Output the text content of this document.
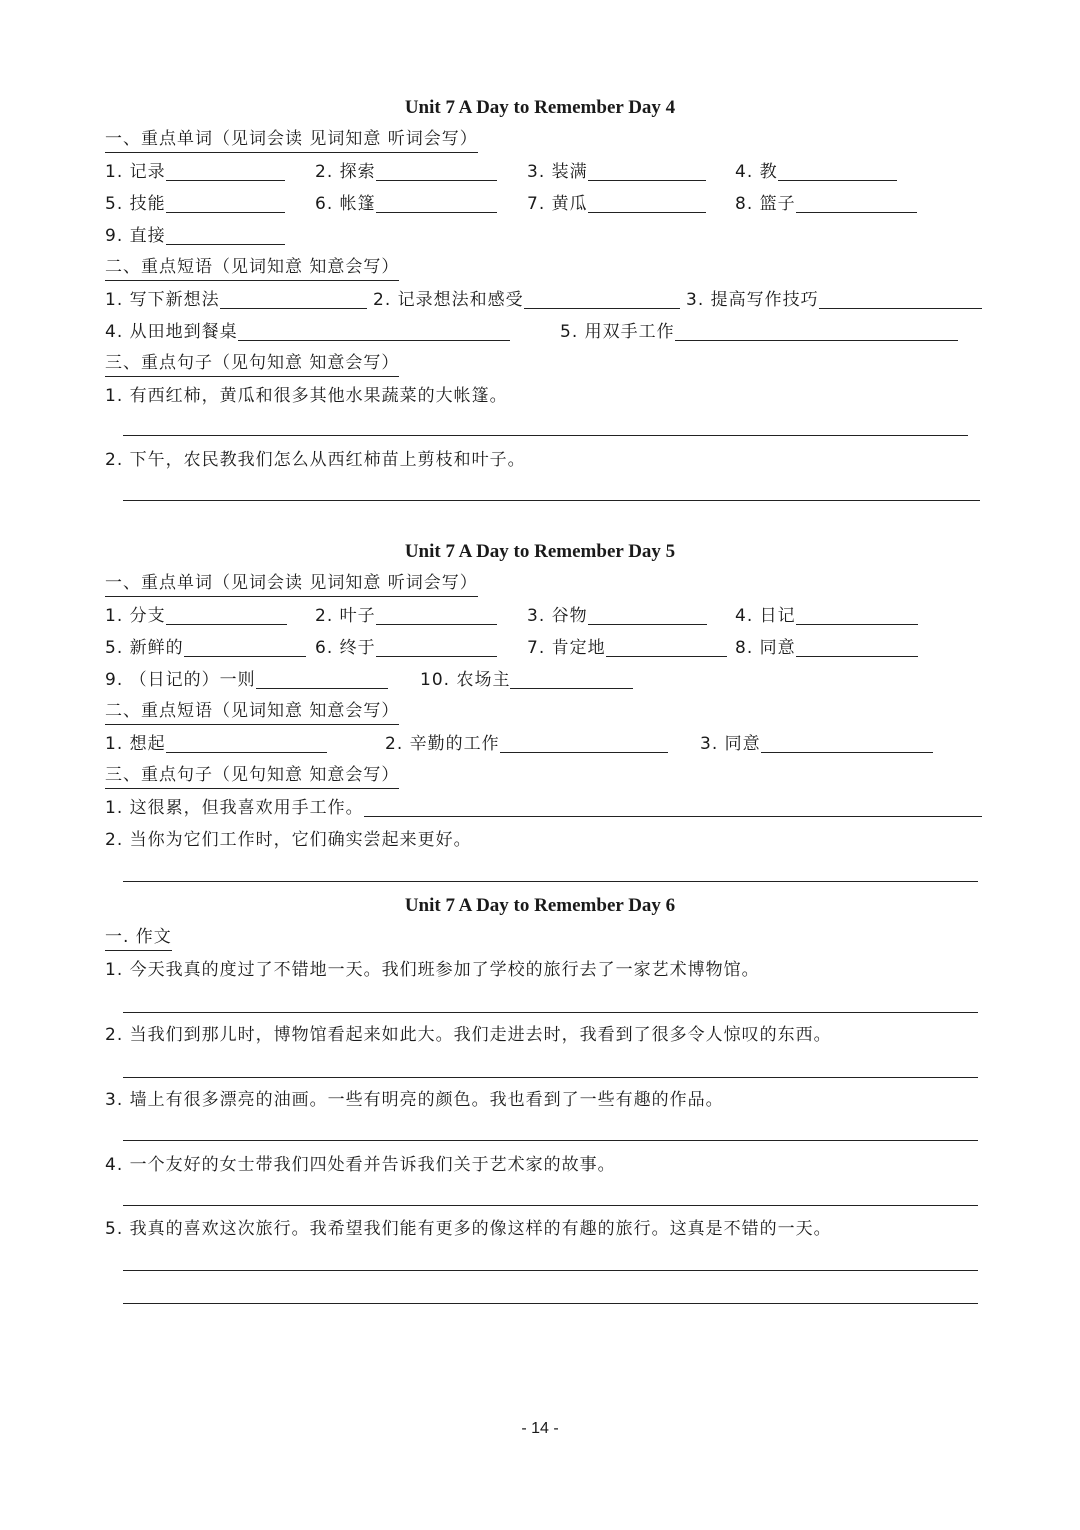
Unit 7 A Day to Remember Day 4
一、重点单词（见词会读 见词知意 听词会写）
1. 记录	2. 探索	3. 装满	4. 教
5. 技能	6. 帐篷	7. 黄瓜	8. 篮子
9. 直接
二、重点短语（见词知意 知意会写）
1. 写下新想法	2. 记录想法和感受	3. 提高写作技巧
4. 从田地到餐桌	5. 用双手工作
三、重点句子（见句知意 知意会写）
1. 有西红柿，黄瓜和很多其他水果蔬菜的大帐篷。
2. 下午，农民教我们怎么从西红柿苗上剪枝和叶子。
Unit 7 A Day to Remember Day 5
一、重点单词（见词会读 见词知意 听词会写）
1. 分支	2. 叶子	3. 谷物	4. 日记
5. 新鲜的	6. 终于	7. 肯定地	8. 同意
9. （日记的）一则	10. 农场主
二、重点短语（见词知意 知意会写）
1. 想起	2. 辛勤的工作	3. 同意
三、重点句子（见句知意 知意会写）
1. 这很累，但我喜欢用手工作。
2. 当你为它们工作时，它们确实尝起来更好。
Unit 7 A Day to Remember Day 6
一. 作文
1. 今天我真的度过了不错地一天。我们班参加了学校的旅行去了一家艺术博物馆。
2. 当我们到那儿时，博物馆看起来如此大。我们走进去时，我看到了很多令人惊叹的东西。
3. 墙上有很多漂亮的油画。一些有明亮的颜色。我也看到了一些有趣的作品。
4. 一个友好的女士带我们四处看并告诉我们关于艺术家的故事。
5. 我真的喜欢这次旅行。我希望我们能有更多的像这样的有趣的旅行。这真是不错的一天。
- 14 -
